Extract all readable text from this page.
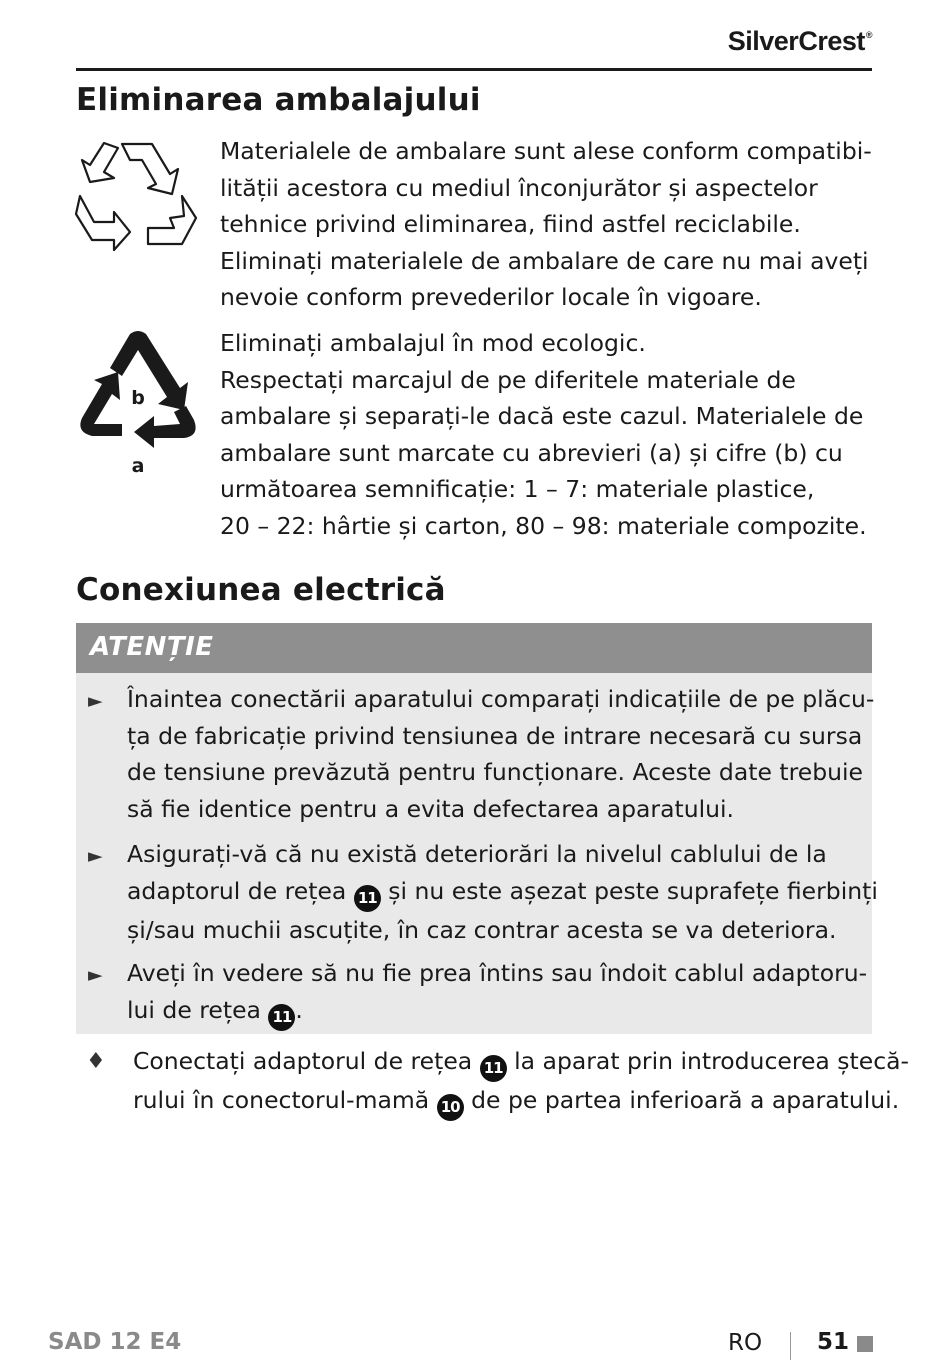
SilverCrest®
Eliminarea ambalajului
b
a
Materialele de ambalare sunt alese conform compatibi-
lității acestora cu mediul înconjurător și aspectelor
tehnice privind eliminarea, fiind astfel reciclabile.
Eliminați materialele de ambalare de care nu mai aveți
nevoie conform prevederilor locale în vigoare.
Eliminați ambalajul în mod ecologic.
Respectați marcajul de pe diferitele materiale de
ambalare și separați-le dacă este cazul. Materialele de
ambalare sunt marcate cu abrevieri (a) și cifre (b) cu
următoarea semnificație: 1 – 7: materiale plastice,
20 – 22: hârtie și carton, 80 – 98: materiale compozite.
Conexiunea electrică
ATENȚIE
► Înaintea conectării aparatului comparați indicațiile de pe plăcu-
ța de fabricație privind tensiunea de intrare necesară cu sursa
de tensiune prevăzută pentru funcționare. Aceste date trebuie
să fie identice pentru a evita defectarea aparatului.
► Asigurați-vă că nu există deteriorări la nivelul cablului de la
adaptorul de rețea 11 și nu este așezat peste suprafețe fierbinți
și/sau muchii ascuțite, în caz contrar acesta se va deteriora.
► Aveți în vedere să nu fie prea întins sau îndoit cablul adaptoru-
lui de rețea 11 .
♦ Conectați adaptorul de rețea 11 la aparat prin introducerea ștecă-
rului în conectorul-mamă 10 de pe partea inferioară a aparatului.
SAD 12 E4	RO 51
